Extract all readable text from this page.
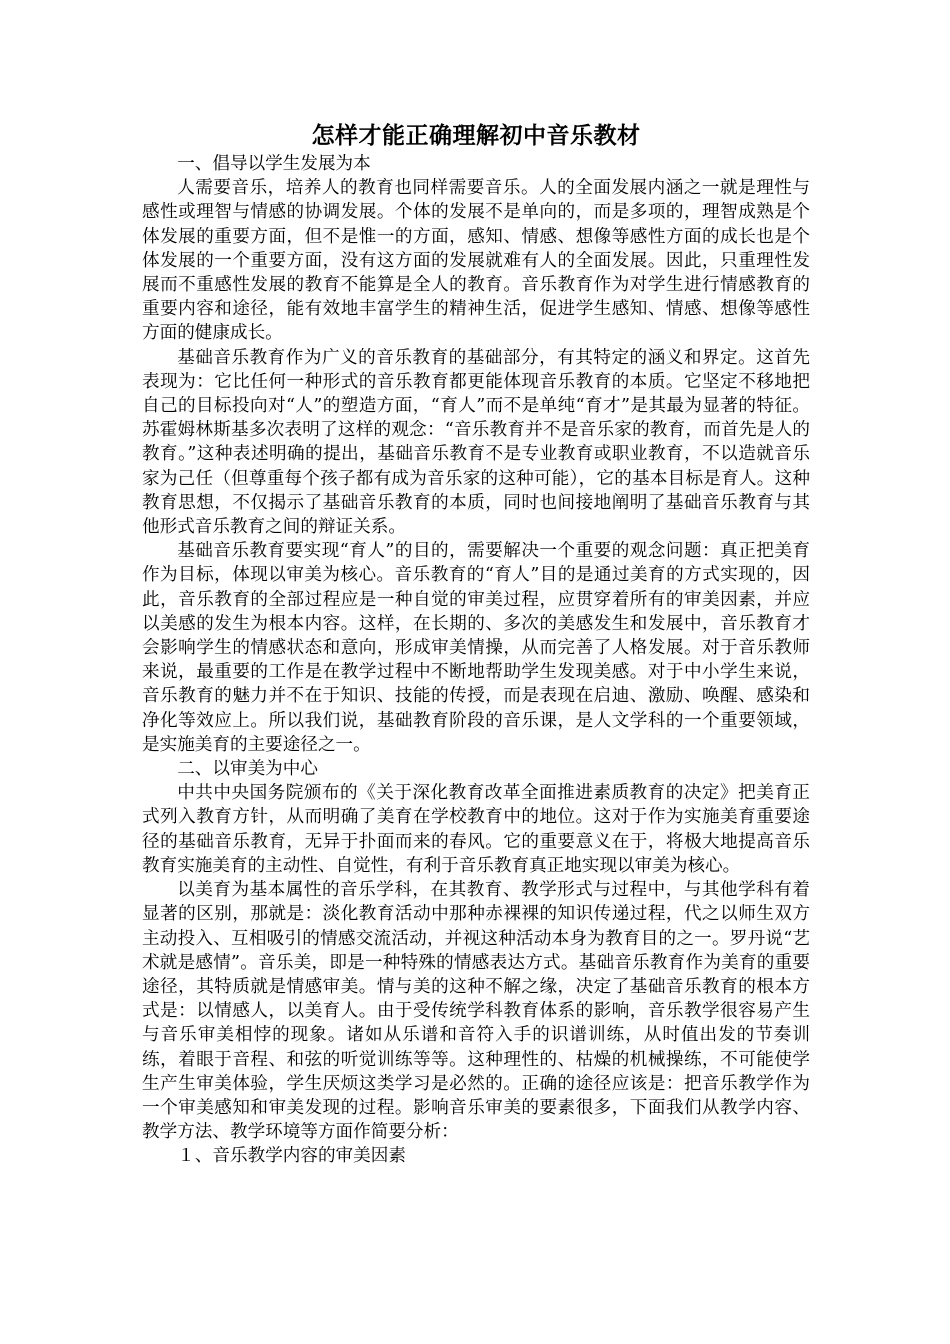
怎样才能正确理解初中音乐教材

一、倡导以学生发展为本

人需要音乐，培养人的教育也同样需要音乐。人的全面发展内涵之一就是理性与感性或理智与情感的协调发展。个体的发展不是单向的，而是多项的，理智成熟是个体发展的重要方面，但不是惟一的方面，感知、情感、想像等感性方面的成长也是个体发展的一个重要方面，没有这方面的发展就难有人的全面发展。因此，只重理性发展而不重感性发展的教育不能算是全人的教育。音乐教育作为对学生进行情感教育的重要内容和途径，能有效地丰富学生的精神生活，促进学生感知、情感、想像等感性方面的健康成长。

基础音乐教育作为广义的音乐教育的基础部分，有其特定的涵义和界定。这首先表现为：它比任何一种形式的音乐教育都更能体现音乐教育的本质。它坚定不移地把自己的目标投向对“人”的塑造方面，“育人”而不是单纯“育才”是其最为显著的特征。苏霍姆林斯基多次表明了这样的观念：“音乐教育并不是音乐家的教育，而首先是人的教育。”这种表述明确的提出，基础音乐教育不是专业教育或职业教育，不以造就音乐家为己任（但尊重每个孩子都有成为音乐家的这种可能），它的基本目标是育人。这种教育思想，不仅揭示了基础音乐教育的本质，同时也间接地阐明了基础音乐教育与其他形式音乐教育之间的辩证关系。

基础音乐教育要实现“育人”的目的，需要解决一个重要的观念问题：真正把美育作为目标，体现以审美为核心。音乐教育的“育人”目的是通过美育的方式实现的，因此，音乐教育的全部过程应是一种自觉的审美过程，应贯穿着所有的审美因素，并应以美感的发生为根本内容。这样，在长期的、多次的美感发生和发展中，音乐教育才会影响学生的情感状态和意向，形成审美情操，从而完善了人格发展。对于音乐教师来说，最重要的工作是在教学过程中不断地帮助学生发现美感。对于中小学生来说，音乐教育的魅力并不在于知识、技能的传授，而是表现在启迪、激励、唤醒、感染和净化等效应上。所以我们说，基础教育阶段的音乐课，是人文学科的一个重要领域，是实施美育的主要途径之一。

二、以审美为中心

中共中央国务院颁布的《关于深化教育改革全面推进素质教育的决定》把美育正式列入教育方针，从而明确了美育在学校教育中的地位。这对于作为实施美育重要途径的基础音乐教育，无异于扑面而来的春风。它的重要意义在于，将极大地提高音乐教育实施美育的主动性、自觉性，有利于音乐教育真正地实现以审美为核心。

以美育为基本属性的音乐学科，在其教育、教学形式与过程中，与其他学科有着显著的区别，那就是：淡化教育活动中那种赤裸裸的知识传递过程，代之以师生双方主动投入、互相吸引的情感交流活动，并视这种活动本身为教育目的之一。罗丹说“艺术就是感情”。音乐美，即是一种特殊的情感表达方式。基础音乐教育作为美育的重要途径，其特质就是情感审美。情与美的这种不解之缘，决定了基础音乐教育的根本方式是：以情感人，以美育人。由于受传统学科教育体系的影响，音乐教学很容易产生与音乐审美相悖的现象。诸如从乐谱和音符入手的识谱训练，从时值出发的节奏训练，着眼于音程、和弦的听觉训练等等。这种理性的、枯燥的机械操练，不可能使学生产生审美体验，学生厌烦这类学习是必然的。正确的途径应该是：把音乐教学作为一个审美感知和审美发现的过程。影响音乐审美的要素很多，下面我们从教学内容、教学方法、教学环境等方面作简要分析：

１、音乐教学内容的审美因素
